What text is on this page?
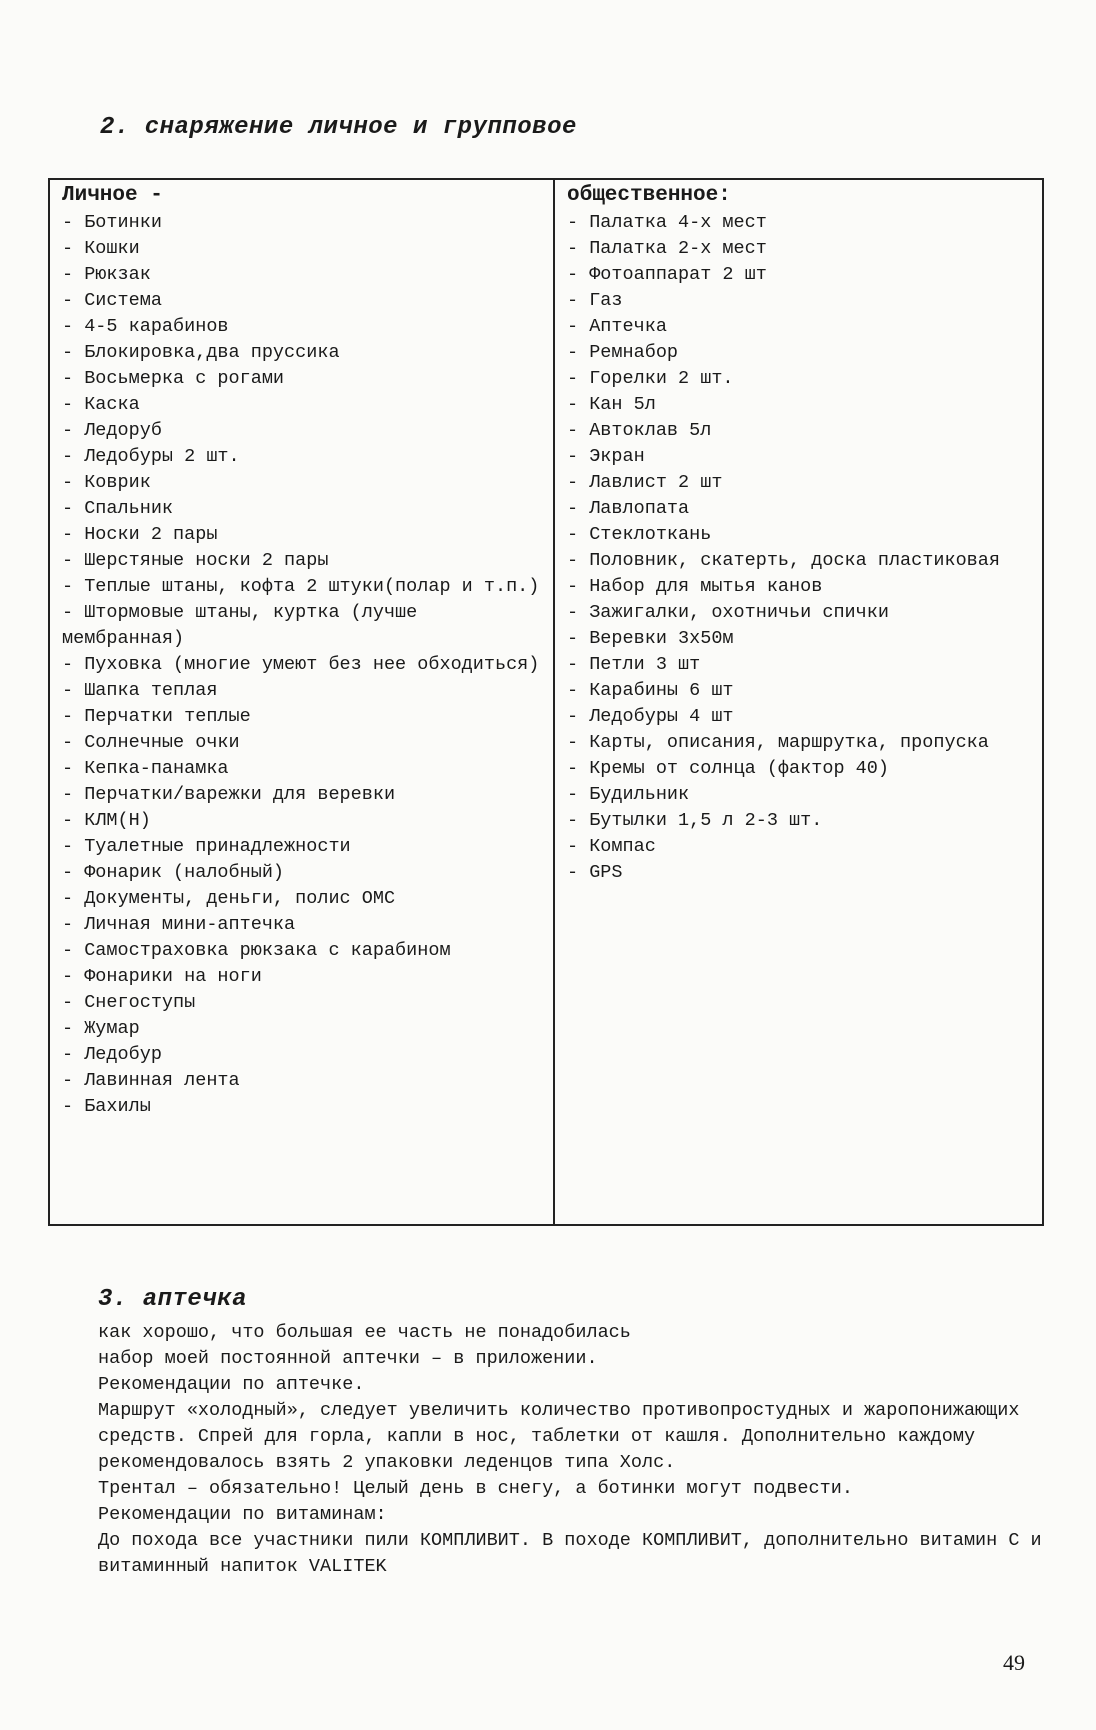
2. снаряжение личное и групповое
Личное -
- Ботинки
- Кошки
- Рюкзак
- Система
- 4-5 карабинов
- Блокировка,два пруссика
- Восьмерка с рогами
- Каска
- Ледоруб
- Ледобуры 2 шт.
- Коврик
- Спальник
- Носки 2 пары
- Шерстяные носки 2 пары
- Теплые штаны, кофта 2 штуки(полар и т.п.)
- Штормовые штаны, куртка (лучше мембранная)
- Пуховка (многие умеют без нее обходиться)
- Шапка теплая
- Перчатки теплые
- Солнечные очки
- Кепка-панамка
- Перчатки/варежки для веревки
- КЛМ(Н)
- Туалетные принадлежности
- Фонарик (налобный)
- Документы, деньги, полис ОМС
- Личная мини-аптечка
- Самостраховка рюкзака с карабином
- Фонарики на ноги
- Снегоступы
- Жумар
- Ледобур
- Лавинная лента
- Бахилы

общественное:
- Палатка 4-х мест
- Палатка 2-х мест
- Фотоаппарат 2 шт
- Газ
- Аптечка
- Ремнабор
- Горелки 2 шт.
- Кан 5л
- Автоклав 5л
- Экран
- Лавлист 2 шт
- Лавлопата
- Стеклоткань
- Половник, скатерть, доска пластиковая
- Набор для мытья канов
- Зажигалки, охотничьи спички
- Веревки 3х50м
- Петли 3 шт
- Карабины 6 шт
- Ледобуры 4 шт
- Карты, описания, маршрутка, пропуска
- Кремы от солнца (фактор 40)
- Будильник
- Бутылки 1,5 л 2-3 шт.
- Компас
- GPS
3. аптечка

как хорошо, что большая ее часть не понадобилась

набор моей постоянной аптечки – в приложении.

Рекомендации по аптечке.

Маршрут «холодный», следует увеличить количество противопростудных и жаропонижающих средств. Спрей для горла, капли в нос, таблетки от кашля. Дополнительно каждому рекомендовалось взять 2 упаковки леденцов типа Холс.

Трентал – обязательно! Целый день в снегу, а ботинки могут подвести.

Рекомендации по витаминам:

До похода все участники пили КОМПЛИВИТ. В походе КОМПЛИВИТ, дополнительно витамин С и витаминный напиток VALITEK

49
